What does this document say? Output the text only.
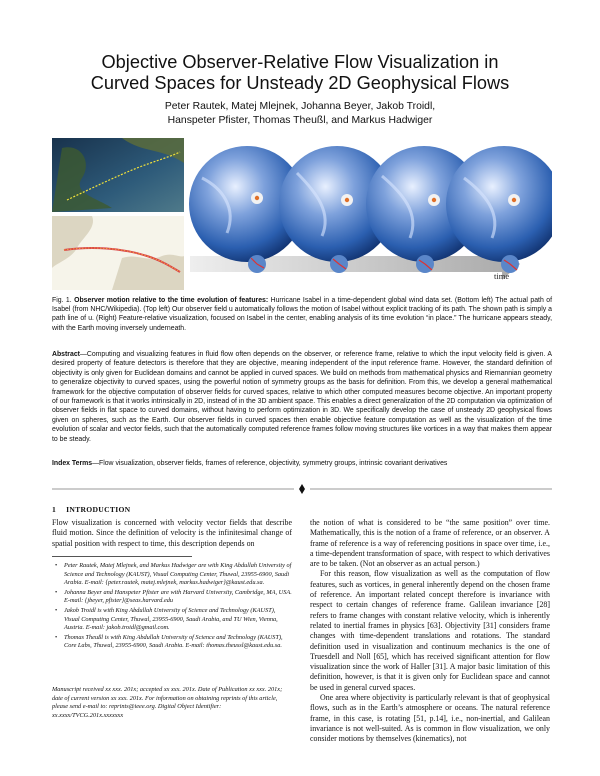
Objective Observer-Relative Flow Visualization in
Curved Spaces for Unsteady 2D Geophysical Flows
Peter Rautek, Matej Mlejnek, Johanna Beyer, Jakob Troidl,
Hanspeter Pfister, Thomas Theußl, and Markus Hadwiger
time
Fig. 1. Observer motion relative to the time evolution of features: Hurricane Isabel in a time-dependent global wind data set. (Bottom left) The actual path of Isabel (from NHC/Wikipedia). (Top left) Our observer field u automatically follows the motion of Isabel without explicit tracking of its path. The shown path is simply a path line of u. (Right) Feature-relative visualization, focused on Isabel in the center, enabling analysis of its time evolution “in place.” The hurricane appears steady, with the Earth moving inversely underneath.
Abstract—Computing and visualizing features in fluid flow often depends on the observer, or reference frame, relative to which the input velocity field is given. A desired property of feature detectors is therefore that they are objective, meaning independent of the input reference frame. However, the standard definition of objectivity is only given for Euclidean domains and cannot be applied in curved spaces. We build on methods from mathematical physics and Riemannian geometry to generalize objectivity to curved spaces, using the powerful notion of symmetry groups as the basis for definition. From this, we develop a general mathematical framework for the objective computation of observer fields for curved spaces, relative to which other computed measures become objective. An important property of our framework is that it works intrinsically in 2D, instead of in the 3D ambient space. This enables a direct generalization of the 2D computation via optimization of observer fields in flat space to curved domains, without having to perform optimization in 3D. We specifically develop the case of unsteady 2D geophysical flows given on spheres, such as the Earth. Our observer fields in curved spaces then enable objective feature computation as well as the visualization of the time evolution of scalar and vector fields, such that the automatically computed reference frames follow moving structures like vortices in a way that makes them appear to be steady.
Index Terms—Flow visualization, observer fields, frames of reference, objectivity, symmetry groups, intrinsic covariant derivatives
1 INTRODUCTION

Flow visualization is concerned with velocity vector fields that describe fluid motion. Since the definition of velocity is the infinitesimal change of spatial position with respect to time, this description depends on

• Peter Rautek, Matej Mlejnek, and Markus Hadwiger are with King Abdullah University of Science and Technology (KAUST), Visual Computing Center, Thuwal, 23955-6900, Saudi Arabia. E-mail: {peter.rautek, matej.mlejnek, markus.hadwiger}@kaust.edu.sa.
• Johanna Beyer and Hanspeter Pfister are with Harvard University, Cambridge, MA, USA. E-mail: {jbeyer, pfister}@seas.harvard.edu
• Jakob Troidl is with King Abdullah University of Science and Technology (KAUST), Visual Computing Center, Thuwal, 23955-6900, Saudi Arabia, and TU Wien, Vienna, Austria. E-mail: jakob.troidl@gmail.com.
• Thomas Theußl is with King Abdullah University of Science and Technology (KAUST), Core Labs, Thuwal, 23955-6900, Saudi Arabia. E-mail: thomas.theussl@kaust.edu.sa.
Manuscript received xx xxx. 201x; accepted xx xxx. 201x. Date of Publication xx xxx. 201x; date of current version xx xxx. 201x. For information on obtaining reprints of this article, please send e-mail to: reprints@ieee.org. Digital Object Identifier: xx.xxxx/TVCG.201x.xxxxxxx

the notion of what is considered to be “the same position” over time. Mathematically, this is the notion of a frame of reference, or an observer. A frame of reference is a way of referencing positions in space over time, i.e., a time-dependent transformation of space, with respect to which derivatives are to be taken. (Not an observer as an actual person.)

For this reason, flow visualization as well as the computation of flow features, such as vortices, in general inherently depend on the chosen frame of reference. An important related concept therefore is invariance with respect to certain changes of reference frame. Galilean invariance [28] refers to frame changes with constant relative velocity, which is inherently related to inertial frames in physics [63]. Objectivity [31] considers frame changes with time-dependent translations and rotations. The standard definition used in visualization and continuum mechanics is the one of Truesdell and Noll [65], which has received significant attention for flow visualization since the work of Haller [31]. A major basic limitation of this definition, however, is that it is given only for Euclidean space and cannot be used in general curved spaces.

One area where objectivity is particularly relevant is that of geophysical flows, such as in the Earth’s atmosphere or oceans. The natural reference frame, in this case, is rotating [51, p.14], i.e., non-inertial, and Galilean invariance is not well-suited. As is common in flow visualization, we only consider motions by themselves (kinematics), not
